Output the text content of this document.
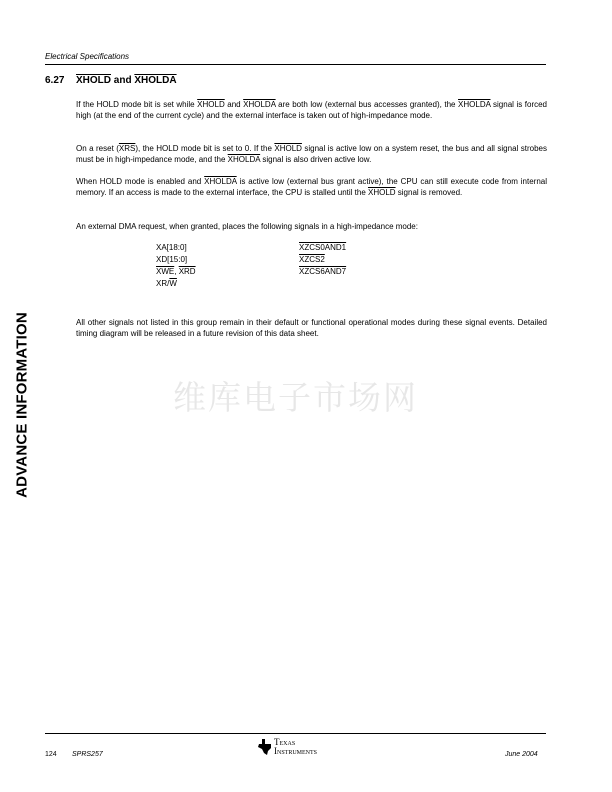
Electrical Specifications
6.27 XHOLD and XHOLDA
If the HOLD mode bit is set while XHOLD and XHOLDA are both low (external bus accesses granted), the XHOLDA signal is forced high (at the end of the current cycle) and the external interface is taken out of high-impedance mode.
On a reset $(\overline{XRS})$, the HOLD mode bit is set to 0. If the XHOLD signal is active low on a system reset, the bus and all signal strobes must be in high-impedance mode, and the XHOLDA signal is also driven active low.
When HOLD mode is enabled and XHOLDA is active low (external bus grant active), the CPU can still execute code from internal memory. If an access is made to the external interface, the CPU is stalled until the XHOLD signal is removed.
An external DMA request, when granted, places the following signals in a high-impedance mode:
XA[18:0]
XD[15:0]
$\overline{XWE}$, $\overline{XRD}$
$XR/\overline{W}$
XZCS0AND1
XZCS2
XZCS6AND7
All other signals not listed in this group remain in their default or functional operational modes during these signal events. Detailed timing diagram will be released in a future revision of this data sheet.
ADVANCE INFORMATION	维库电子市场网
124 SPRS257	June 2004
Texas
Instruments
